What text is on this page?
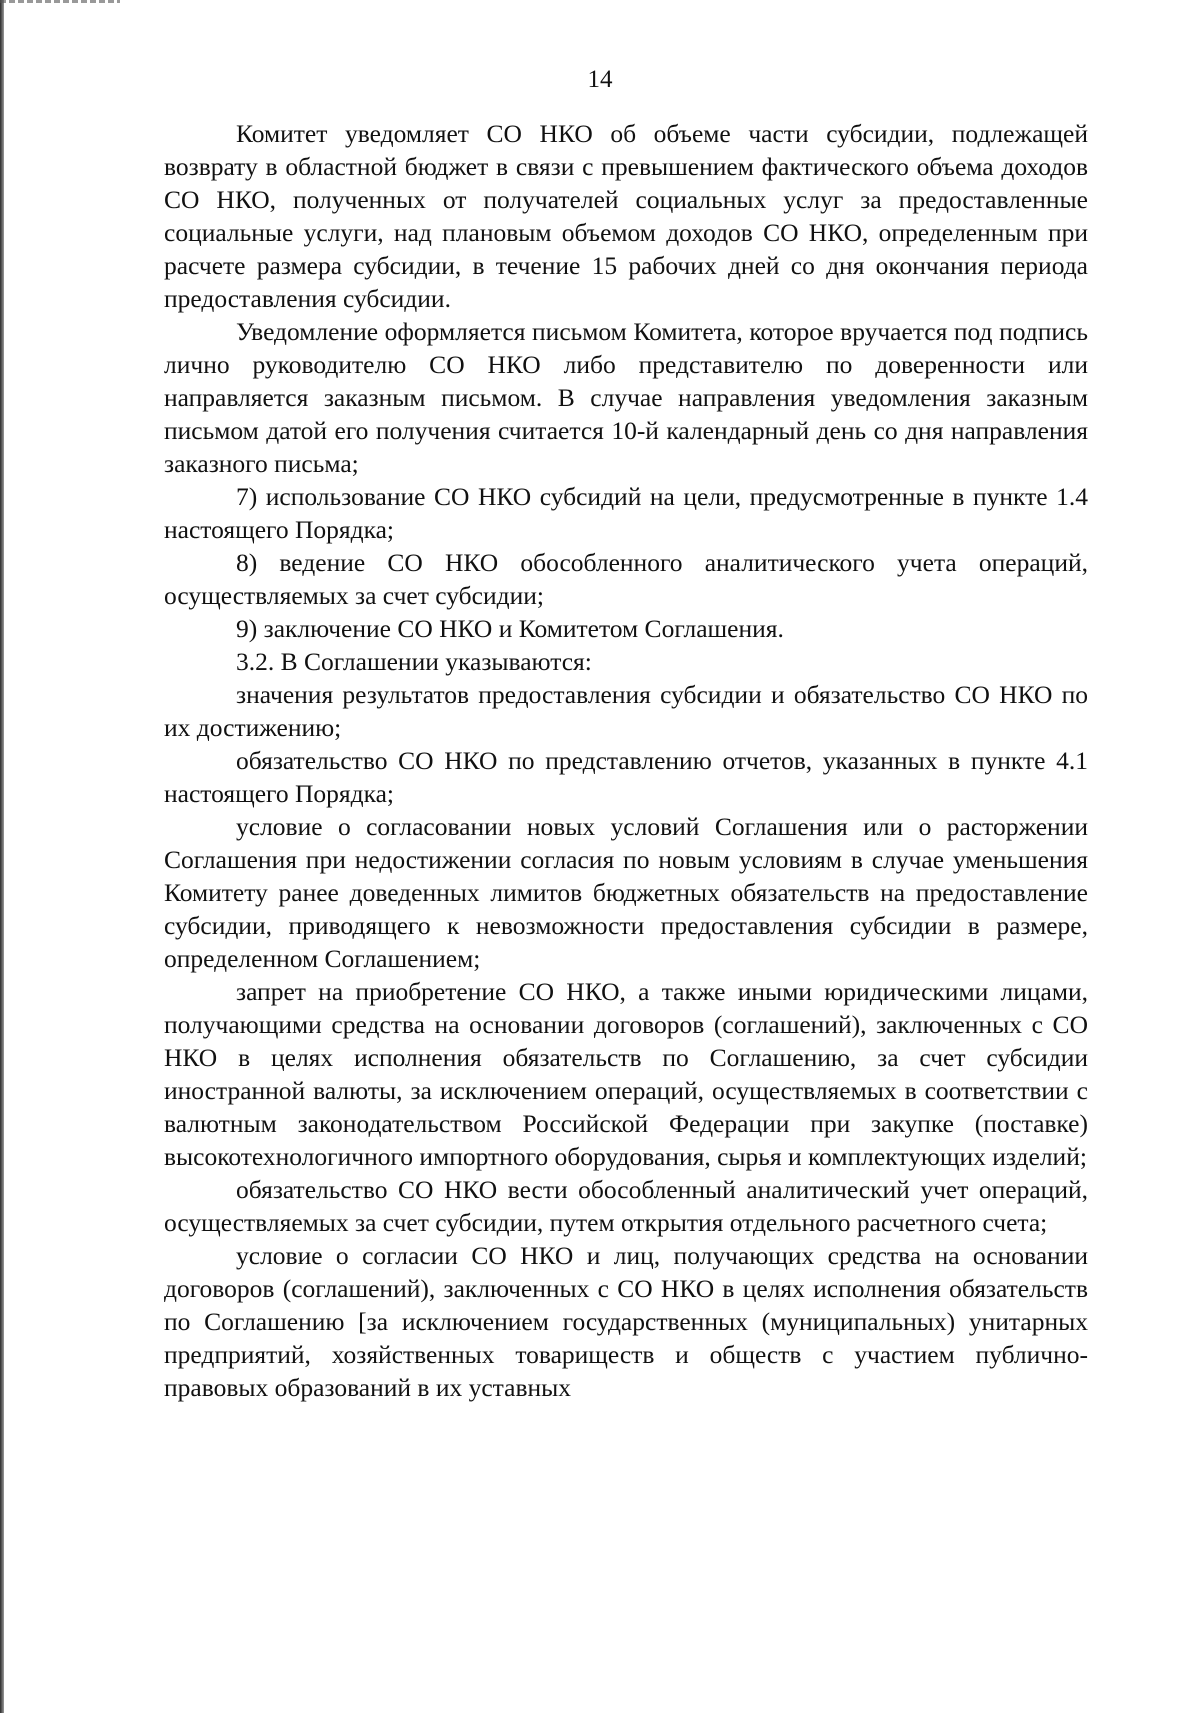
14

Комитет уведомляет СО НКО об объеме части субсидии, подлежащей возврату в областной бюджет в связи с превышением фактического объема доходов СО НКО, полученных от получателей социальных услуг за предоставленные социальные услуги, над плановым объемом доходов СО НКО, определенным при расчете размера субсидии, в течение 15 рабочих дней со дня окончания периода предоставления субсидии.

Уведомление оформляется письмом Комитета, которое вручается под подпись лично руководителю СО НКО либо представителю по доверенности или направляется заказным письмом. В случае направления уведомления заказным письмом датой его получения считается 10-й календарный день со дня направления заказного письма;

7) использование СО НКО субсидий на цели, предусмотренные в пункте 1.4 настоящего Порядка;

8) ведение СО НКО обособленного аналитического учета операций, осуществляемых за счет субсидии;

9) заключение СО НКО и Комитетом Соглашения.

3.2. В Соглашении указываются:

значения результатов предоставления субсидии и обязательство СО НКО по их достижению;

обязательство СО НКО по представлению отчетов, указанных в пункте 4.1 настоящего Порядка;

условие о согласовании новых условий Соглашения или о расторжении Соглашения при недостижении согласия по новым условиям в случае уменьшения Комитету ранее доведенных лимитов бюджетных обязательств на предоставление субсидии, приводящего к невозможности предоставления субсидии в размере, определенном Соглашением;

запрет на приобретение СО НКО, а также иными юридическими лицами, получающими средства на основании договоров (соглашений), заключенных с СО НКО в целях исполнения обязательств по Соглашению, за счет субсидии иностранной валюты, за исключением операций, осуществляемых в соответствии с валютным законодательством Российской Федерации при закупке (поставке) высокотехнологичного импортного оборудования, сырья и комплектующих изделий;

обязательство СО НКО вести обособленный аналитический учет операций, осуществляемых за счет субсидии, путем открытия отдельного расчетного счета;

условие о согласии СО НКО и лиц, получающих средства на основании договоров (соглашений), заключенных с СО НКО в целях исполнения обязательств по Соглашению [за исключением государственных (муниципальных) унитарных предприятий, хозяйственных товариществ и обществ с участием публично-правовых образований в их уставных
